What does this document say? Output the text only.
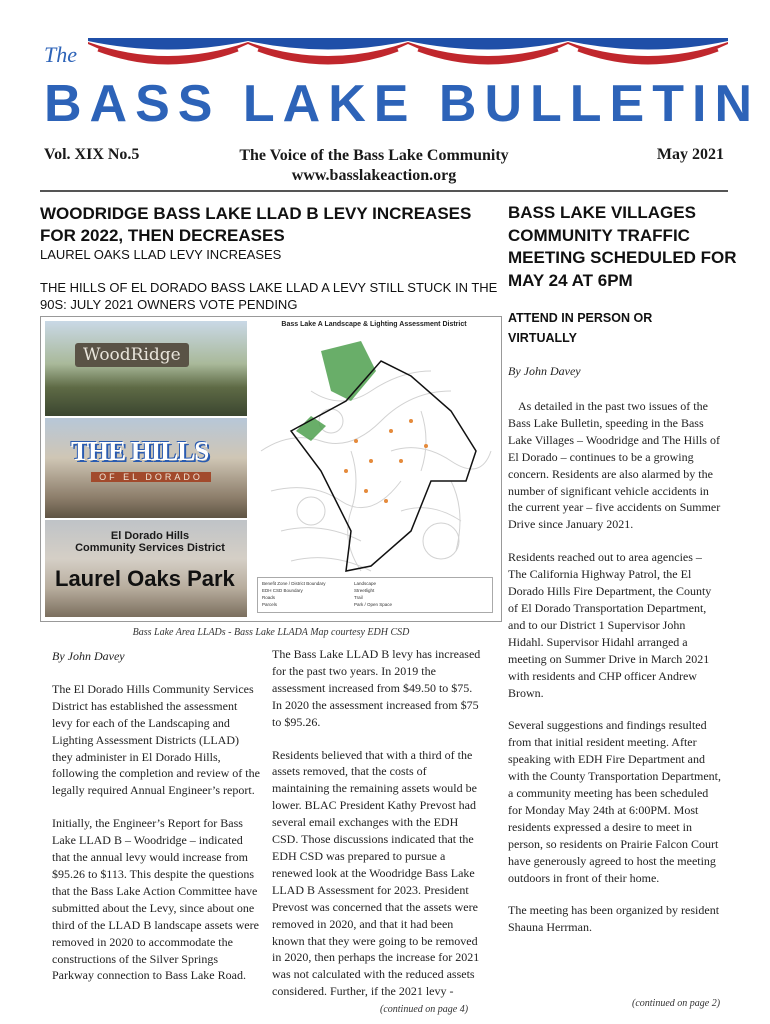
The
BASS LAKE BULLETIN
Vol. XIX No.5	The Voice of the Bass Lake Community
www.basslakeaction.org
May 2021
WOODRIDGE BASS LAKE LLAD B LEVY INCREASES FOR 2022, THEN DECREASES
LAUREL OAKS LLAD LEVY INCREASES
THE HILLS OF EL DORADO BASS LAKE LLAD A LEVY STILL STUCK IN THE 90S: JULY 2021 OWNERS VOTE PENDING
WoodRidge
THE HILLS
OF EL DORADO
El Dorado Hills
Community Services District
Laurel Oaks Park
Bass Lake A Landscape & Lighting Assessment District
Benefit Zone / District Boundary
EDH CSD Boundary
Roads
Parcels
Landscape
Streetlight
Trail
Park / Open Space
Bass Lake Area LLADs - Bass Lake LLADA Map courtesy EDH CSD

By John Davey

The El Dorado Hills Community Services District has established the assessment levy for each of the Landscaping and Lighting Assessment Districts (LLAD) they administer in El Dorado Hills, following the completion and review of the legally required Annual Engineer’s report.

Initially, the Engineer’s Report for Bass Lake LLAD B – Woodridge – indicated that the annual levy would increase from $95.26 to $113. This despite the questions that the Bass Lake Action Committee have submitted about the Levy, since about one third of the LLAD B landscape assets were removed in 2020 to accommodate the constructions of the Silver Springs Parkway connection to Bass Lake Road.

The Bass Lake LLAD B levy has increased for the past two years. In 2019 the assessment increased from $49.50 to $75. In 2020 the assessment increased from $75 to $95.26.

Residents believed that with a third of the assets removed, that the costs of maintaining the remaining assets would be lower. BLAC President Kathy Prevost had several email exchanges with the EDH CSD. Those discussions indicated that the EDH CSD was prepared to pursue a renewed look at the Woodridge Bass Lake LLAD B Assessment for 2023. President Prevost was concerned that the assets were removed in 2020, and that it had been known that they were going to be removed in 2020, then perhaps the increase for 2021 was not calculated with the reduced assets considered. Further, if the 2021 levy -

(continued on page 4)
BASS LAKE VILLAGES COMMUNITY TRAFFIC MEETING SCHEDULED FOR MAY 24 AT 6PM
ATTEND IN PERSON OR VIRTUALLY
By John Davey

As detailed in the past two issues of the Bass Lake Bulletin, speeding in the Bass Lake Villages – Woodridge and The Hills of El Dorado – continues to be a growing concern. Residents are also alarmed by the number of significant vehicle accidents in the current year – five accidents on Summer Drive since January 2021.

Residents reached out to area agencies – The California Highway Patrol, the El Dorado Hills Fire Department, the County of El Dorado Transportation Department, and to our District 1 Supervisor John Hidahl. Supervisor Hidahl arranged a meeting on Summer Drive in March 2021 with residents and CHP officer Andrew Brown.

Several suggestions and findings resulted from that initial resident meeting. After speaking with EDH Fire Department and with the County Transportation Department, a community meeting has been scheduled for Monday May 24th at 6:00PM. Most residents expressed a desire to meet in person, so residents on Prairie Falcon Court have generously agreed to host the meeting outdoors in front of their home.

The meeting has been organized by resident Shauna Herrman.

(continued on page 2)
